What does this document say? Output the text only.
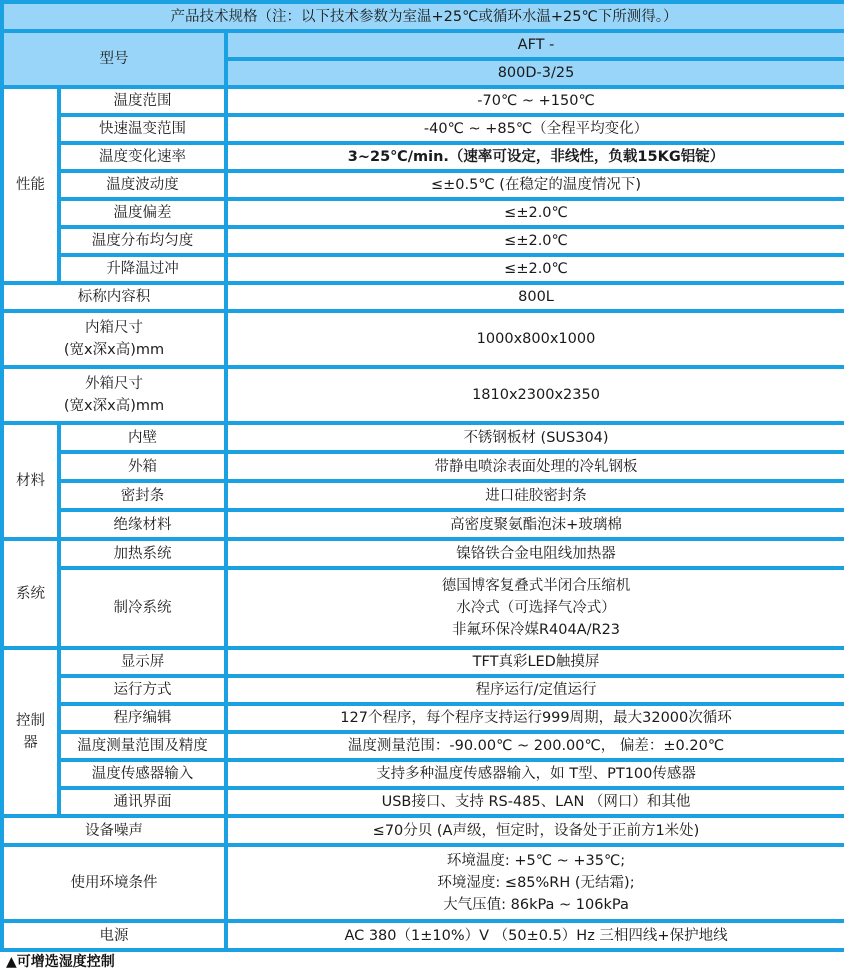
产品技术规格（注：以下技术参数为室温+25℃或循环水温+25℃下所测得。）		
型号		AFT -
		800D-3/25
性能	温度范围	-70℃ ~ +150℃
	快速温变范围	-40℃ ~ +85℃（全程平均变化）
	温度变化速率	3~25℃/min.（速率可设定，非线性，负载15KG铝锭）
	温度波动度	≤±0.5℃ (在稳定的温度情况下)
	温度偏差	≤±2.0℃
	温度分布均匀度	≤±2.0℃
	升降温过冲	≤±2.0℃
标称内容积		800L

内箱尺寸
(宽x深x高)mm		1000x800x1000

外箱尺寸
(宽x深x高)mm		1810x2300x2350
材料	内壁	不锈钢板材 (SUS304)
	外箱	带静电喷涂表面处理的冷轧钢板
	密封条	进口硅胶密封条
	绝缘材料	高密度聚氨酯泡沫+玻璃棉
系统	加热系统	镍铬铁合金电阻线加热器
	制冷系统	德国博客复叠式半闭合压缩机
水冷式（可选择气冷式）
非氟环保冷媒R404A/R23

控制
器	显示屏	TFT真彩LED触摸屏
	运行方式	程序运行/定值运行
	程序编辑	127个程序，每个程序支持运行999周期，最大32000次循环
	温度测量范围及精度	温度测量范围：-90.00℃ ~ 200.00℃， 偏差：±0.20℃
	温度传感器输入	支持多种温度传感器输入，如 T型、PT100传感器
	通讯界面	USB接口、支持 RS-485、LAN （网口）和其他
设备噪声		≤70分贝 (A声级，恒定时，设备处于正前方1米处)
使用环境条件		环境温度: +5℃ ~ +35℃;
环境湿度: ≤85%RH (无结霜);
大气压值: 86kPa ~ 106kPa

电源		AC 380（1±10%）V （50±0.5）Hz 三相四线+保护地线
▲可增选湿度控制
